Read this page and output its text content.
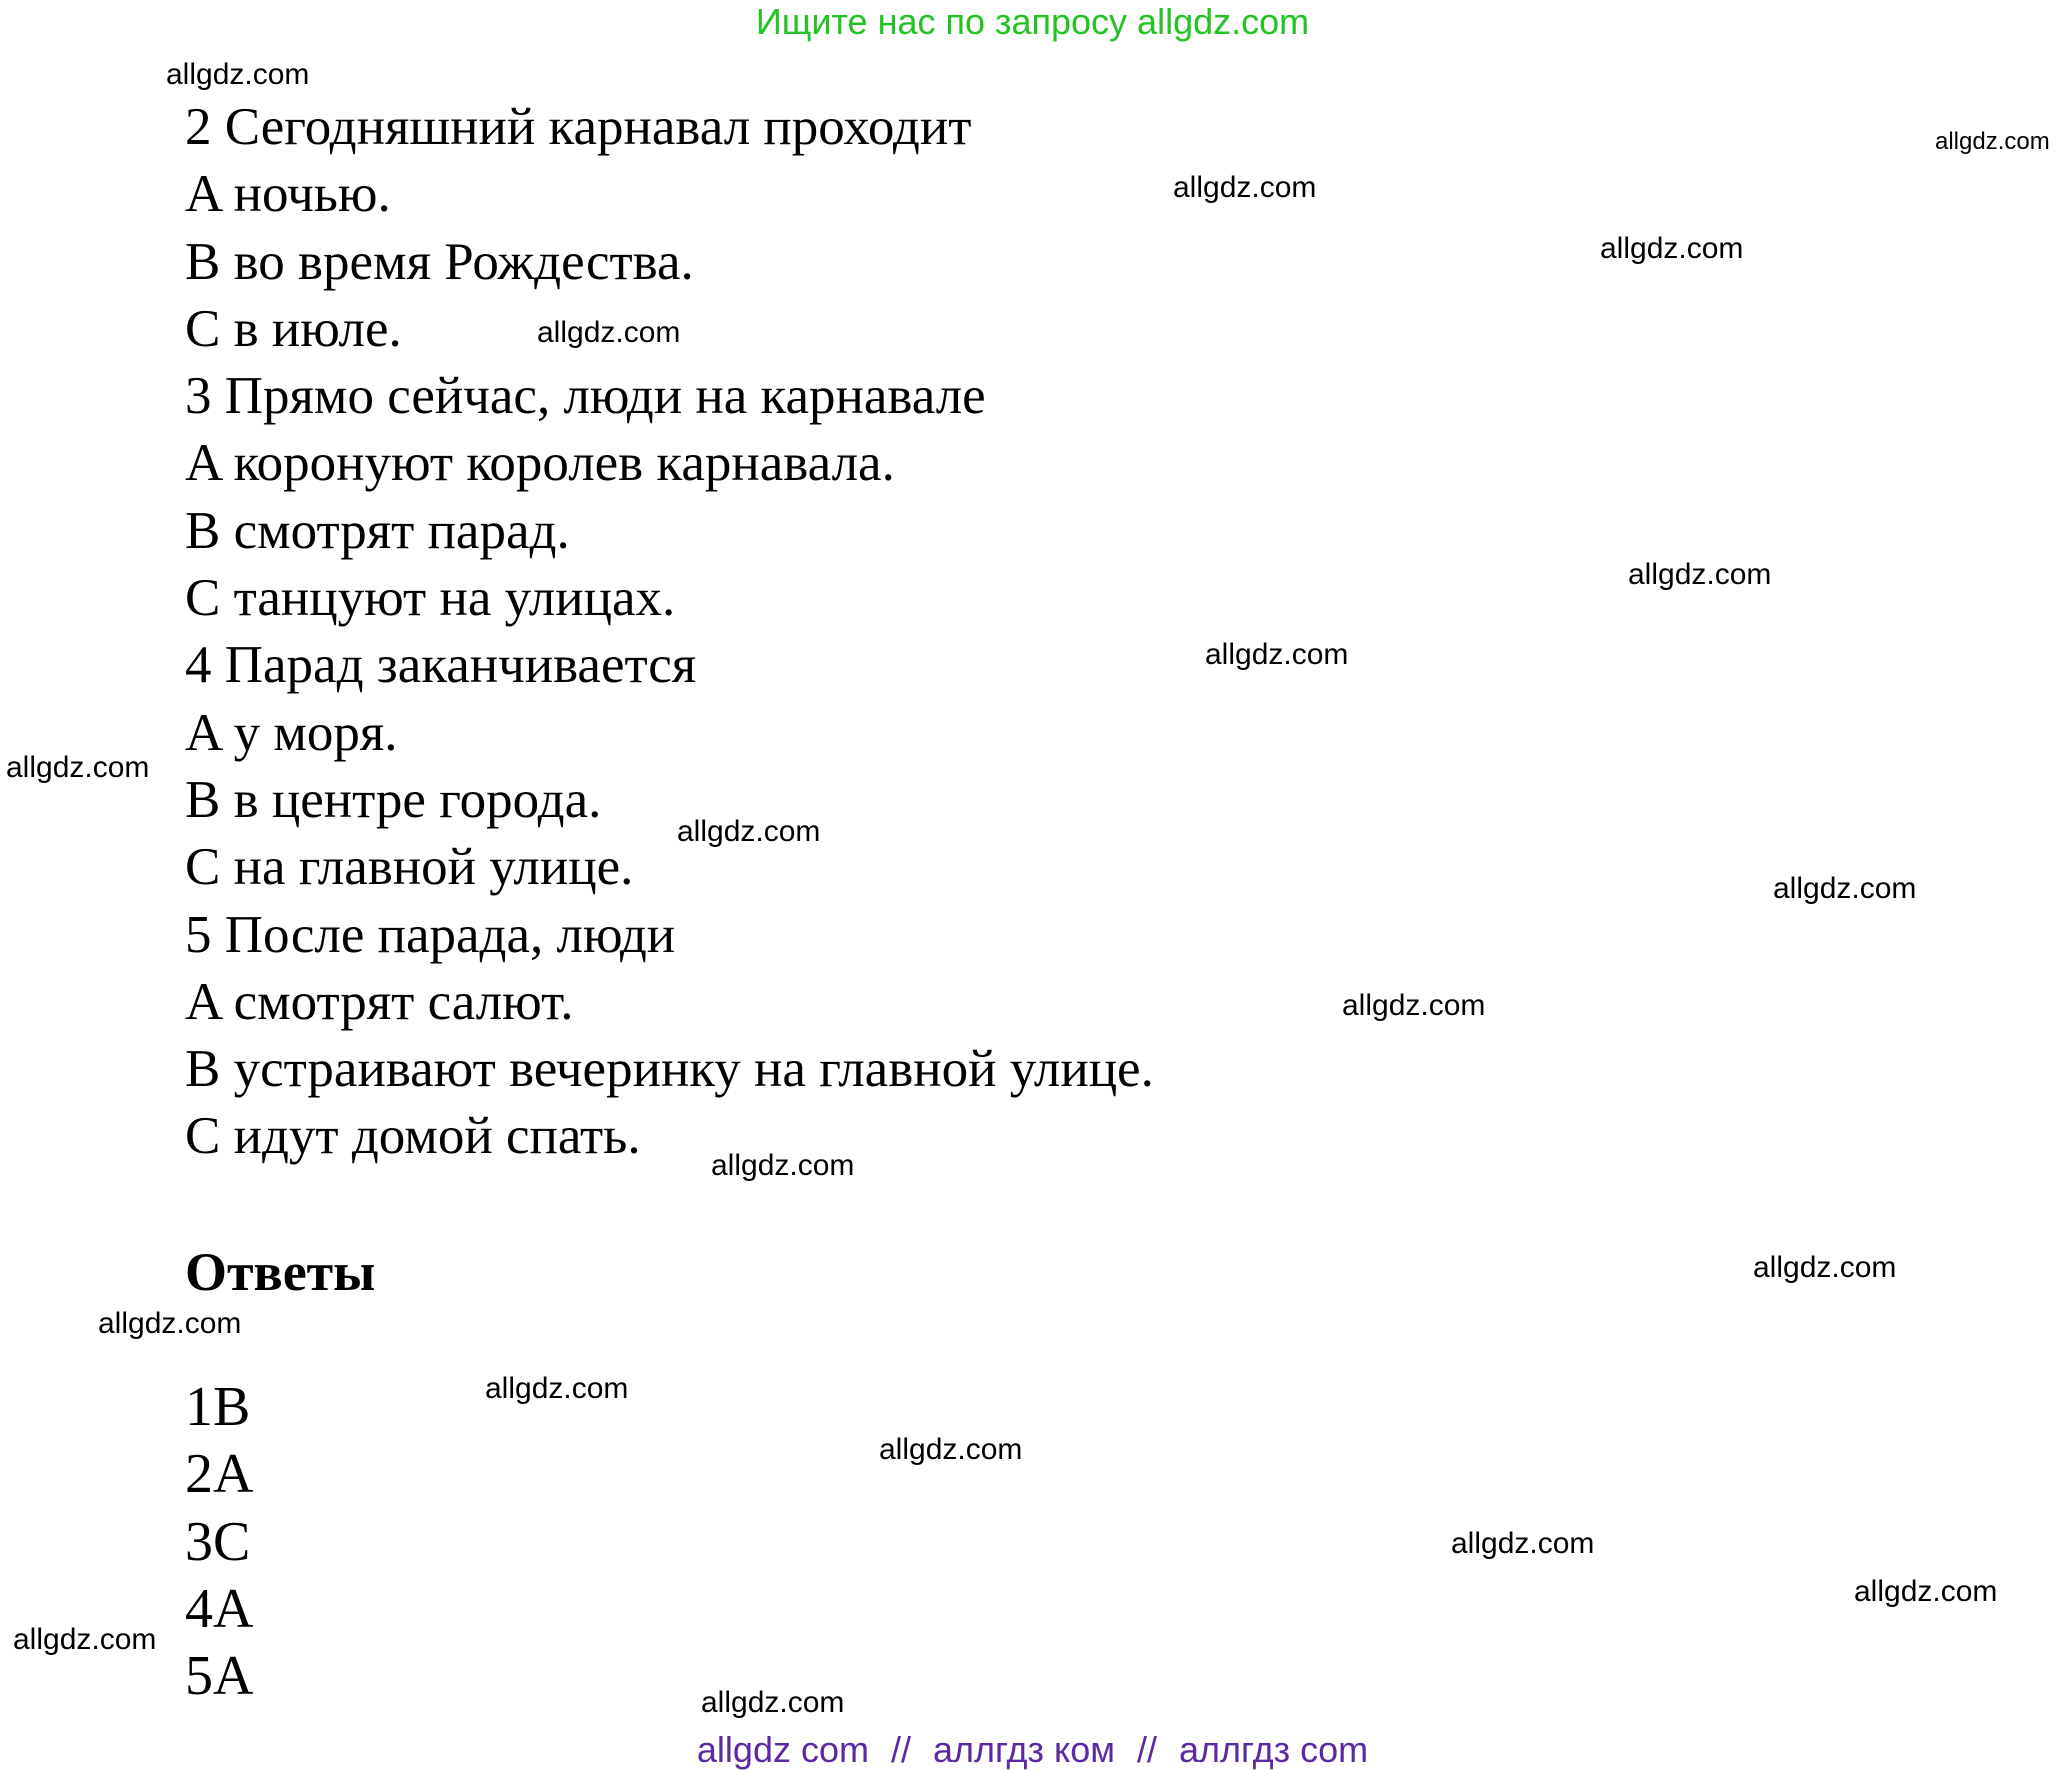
Ищите нас по запросу allgdz.com

2 Сегодняшний карнавал проходит

A ночью.

B во время Рождества.

C в июле.

3 Прямо сейчас, люди на карнавале

A коронуют королев карнавала.

B смотрят парад.

C танцуют на улицах.

4 Парад заканчивается

A у моря.

B в центре города.

C на главной улице.

5 После парада, люди

A смотрят салют.

B устраивают вечеринку на главной улице.

C идут домой спать.

Ответы
1B
2A
3C
4A
5A
allgdz.com
allgdz.com
allgdz.com
allgdz.com
allgdz.com
allgdz.com
allgdz.com
allgdz.com
allgdz.com
allgdz.com
allgdz.com
allgdz.com
allgdz.com
allgdz.com
allgdz.com
allgdz.com
allgdz.com
allgdz.com
allgdz.com
allgdz.com
allgdz com // аллгдз ком // аллгдз com
